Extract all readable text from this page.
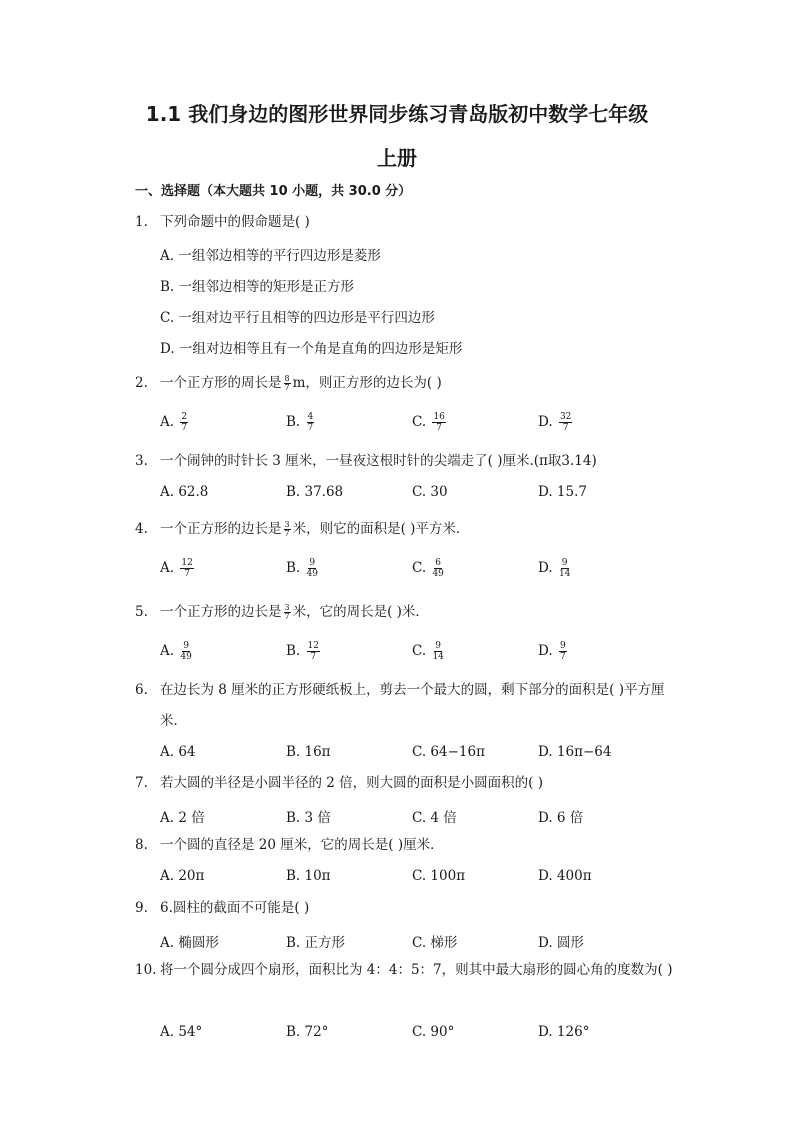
1.1 我们身边的图形世界同步练习青岛版初中数学七年级
上册
一、选择题（本大题共 10 小题，共 30.0 分）
1. 下列命题中的假命题是( )
A. 一组邻边相等的平行四边形是菱形
B. 一组邻边相等的矩形是正方形
C. 一组对边平行且相等的四边形是平行四边形
D. 一组对边相等且有一个角是直角的四边形是矩形
2. 一个正方形的周长是 $\frac{8}{7}$ m，则正方形的边长为( )
A. $\frac{2}{7}$	B. $\frac{4}{7}$	C. $\frac{16}{7}$	D. $\frac{32}{7}$
3. 一个闹钟的时针长 3 厘米，一昼夜这根时针的尖端走了( )厘米.(π取3.14)
A. 62.8	B. 37.68	C. 30	D. 15.7
4. 一个正方形的边长是 $\frac{3}{7}$ 米，则它的面积是( )平方米．
A. $\frac{12}{7}$	B. $\frac{9}{49}$	C. $\frac{6}{49}$	D. $\frac{9}{14}$
5. 一个正方形的边长是 $\frac{3}{7}$ 米，它的周长是( )米．
A. $\frac{9}{49}$	B. $\frac{12}{7}$	C. $\frac{9}{14}$	D. $\frac{9}{7}$
6. 在边长为 8 厘米的正方形硬纸板上，剪去一个最大的圆，剩下部分的面积是( )平方厘米．
A. 64	B. 16π	C. 64−16π	D. 16π−64
7. 若大圆的半径是小圆半径的 2 倍，则大圆的面积是小圆面积的( )
A. 2 倍	B. 3 倍	C. 4 倍	D. 6 倍
8. 一个圆的直径是 20 厘米，它的周长是( )厘米．
A. 20π	B. 10π	C. 100π	D. 400π
9. 6.圆柱的截面不可能是( )
A. 椭圆形	B. 正方形	C. 梯形	D. 圆形
10. 将一个圆分成四个扇形，面积比为 4：4：5：7，则其中最大扇形的圆心角的度数为( )
A. 54°	B. 72°	C. 90°	D. 126°
